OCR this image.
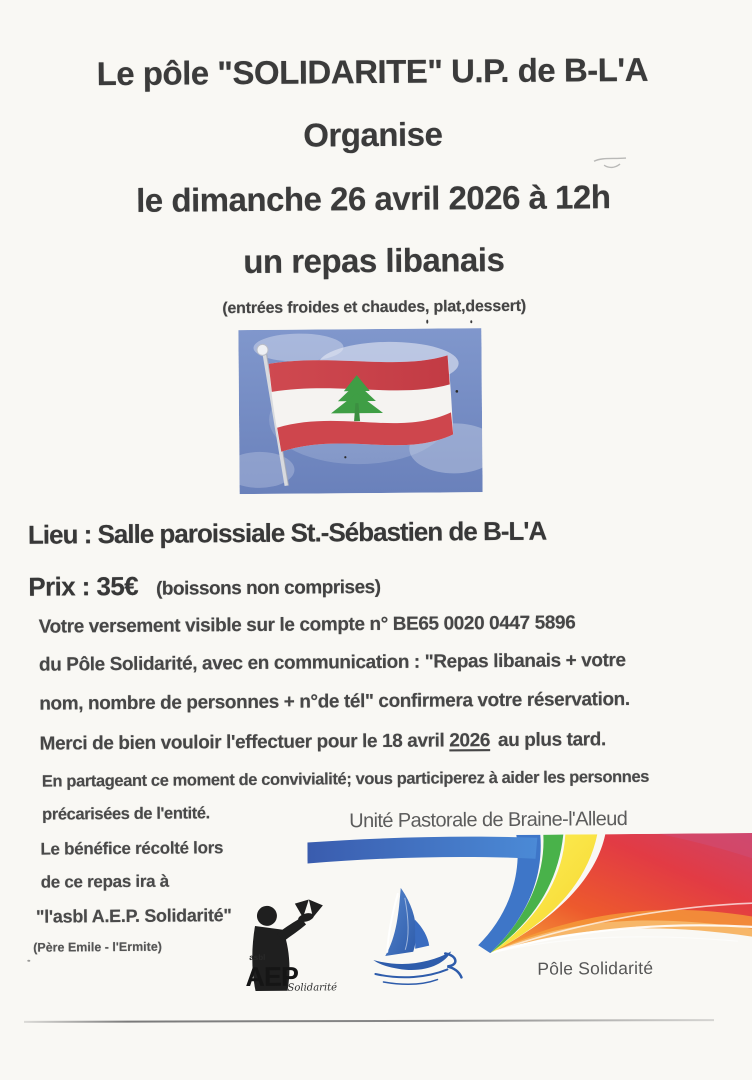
Le pôle "SOLIDARITE" U.P. de B-L'A
Organise
le dimanche 26 avril 2026 à 12h
un repas libanais
(entrées froides et chaudes, plat,dessert)
Lieu : Salle paroissiale St.-Sébastien de B-L'A
Prix : 35€ (boissons non comprises)
Votre versement visible sur le compte n° BE65 0020 0447 5896
du Pôle Solidarité, avec en communication : "Repas libanais + votre
nom, nombre de personnes + n°de tél" confirmera votre réservation.
Merci de bien vouloir l'effectuer pour le 18 avril 2026 au plus tard.
En partageant ce moment de convivialité; vous participerez à aider les personnes
précarisées de l'entité.	Unité Pastorale de Braine-l'Alleud
Le bénéfice récolté lors
de ce repas ira à
"l'asbl A.E.P. Solidarité"
(Père Emile - l'Ermite)
asbl
AEP
Solidarité
Pôle Solidarité
